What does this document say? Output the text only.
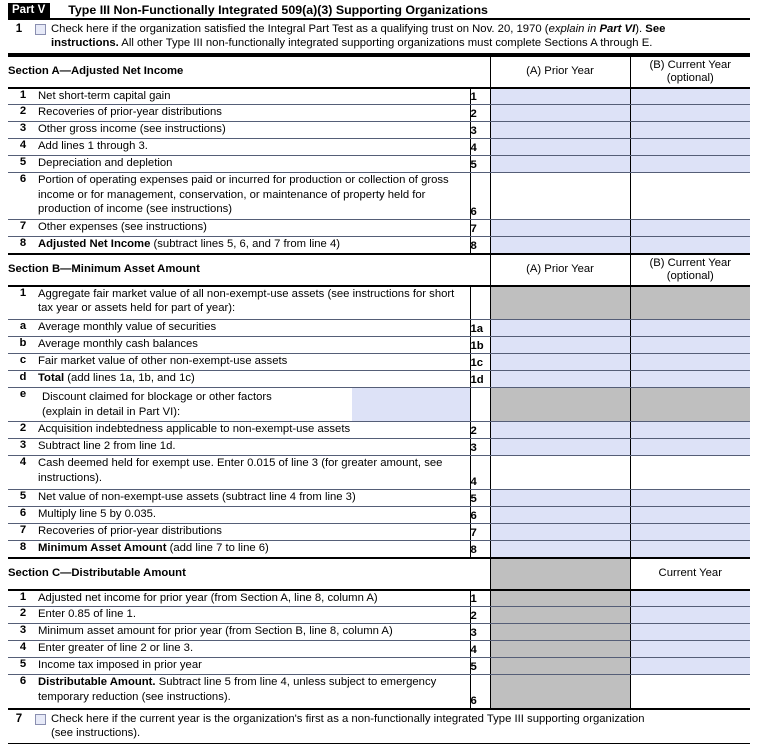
Part V	Type III Non-Functionally Integrated 509(a)(3) Supporting Organizations
1	Check here if the organization satisfied the Integral Part Test as a qualifying trust on Nov. 20, 1970 (explain in Part VI). See
instructions. All other Type III non-functionally integrated supporting organizations must complete Sections A through E.
Section A—Adjusted Net Income			(A) Prior Year	(B) Current Year
(optional)
1	Net short-term capital gain	1		
2	Recoveries of prior-year distributions	2		
3	Other gross income (see instructions)	3		
4	Add lines 1 through 3.	4		
5	Depreciation and depletion	5		
6	Portion of operating expenses paid or incurred for production or collection of gross income or for management, conservation, or maintenance of property held for production of income (see instructions)	6	

7	Other expenses (see instructions)	7		
8	Adjusted Net Income (subtract lines 5, 6, and 7 from line 4)	8		
Section B—Minimum Asset Amount			(A) Prior Year	(B) Current Year
(optional)
1	Aggregate fair market value of all non-exempt-use assets (see instructions for short tax year or assets held for part of year):			
a	Average monthly value of securities	1a		
b	Average monthly cash balances	1b		
c	Fair market value of other non-exempt-use assets	1c		
d	Total (add lines 1a, 1b, and 1c)	1d		
e	Discount claimed for blockage or other factors
(explain in detail in Part VI):			

2	Acquisition indebtedness applicable to non-exempt-use assets	2		
3	Subtract line 2 from line 1d.	3		
4	Cash deemed held for exempt use. Enter 0.015 of line 3 (for greater amount, see instructions).	4	

5	Net value of non-exempt-use assets (subtract line 4 from line 3)	5		
6	Multiply line 5 by 0.035.	6		
7	Recoveries of prior-year distributions	7		
8	Minimum Asset Amount (add line 7 to line 6)	8		
Section C—Distributable Amount				Current Year
1	Adjusted net income for prior year (from Section A, line 8, column A)	1		
2	Enter 0.85 of line 1.	2		
3	Minimum asset amount for prior year (from Section B, line 8, column A)	3		
4	Enter greater of line 2 or line 3.	4		
5	Income tax imposed in prior year	5		
6	Distributable Amount. Subtract line 5 from line 4, unless subject to emergency temporary reduction (see instructions).	6		
7	Check here if the current year is the organization's first as a non-functionally integrated Type III supporting organization
(see instructions).
